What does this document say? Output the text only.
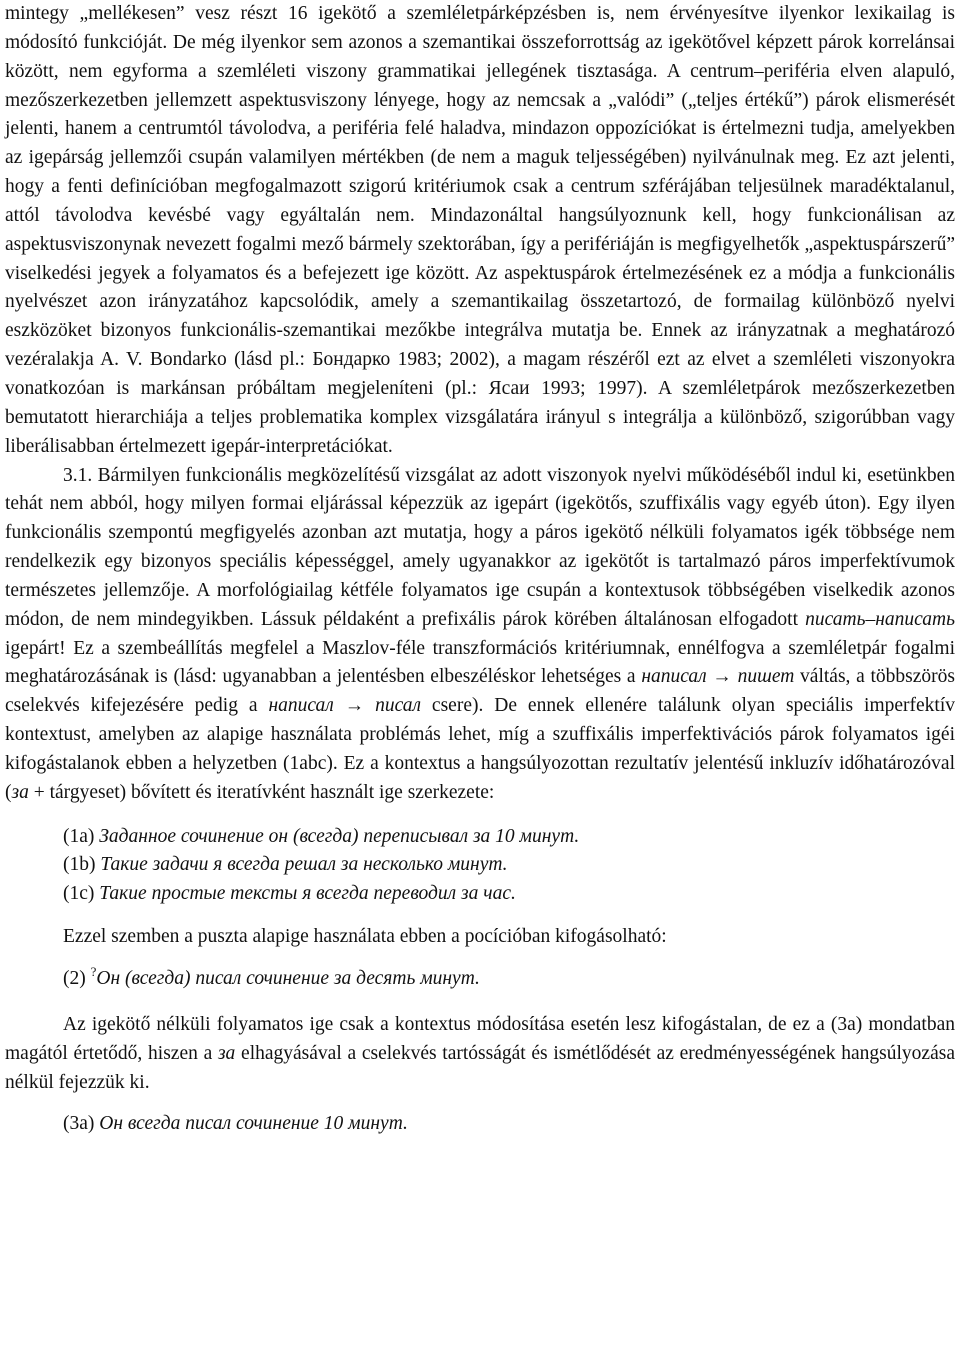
mintegy „mellékesen” vesz részt 16 igekötő a szemléletpárképzésben is, nem érvényesítve ilyenkor lexikailag is módosító funkcióját. De még ilyenkor sem azonos a szemantikai összeforrottság az igekötővel képzett párok korrelánsai között, nem egyforma a szemléleti viszony grammatikai jellegének tisztasága. A centrum–periféria elven alapuló, mezőszerkezetben jellemzett aspektusviszony lényege, hogy az nemcsak a „valódi” („teljes értékű”) párok elismerését jelenti, hanem a centrumtól távolodva, a periféria felé haladva, mindazon oppozíciókat is értelmezni tudja, amelyekben az igepárság jellemzői csupán valamilyen mértékben (de nem a maguk teljességében) nyilvánulnak meg. Ez azt jelenti, hogy a fenti definícióban megfogalmazott szigorú kritériumok csak a centrum szférájában teljesülnek maradéktalanul, attól távolodva kevésbé vagy egyáltalán nem. Mindazonáltal hangsúlyoznunk kell, hogy funkcionálisan az aspektusviszonynak nevezett fogalmi mező bármely szektorában, így a perifériáján is megfigyelhetők „aspektuspárszerű” viselkedési jegyek a folyamatos és a befejezett ige között. Az aspektuspárok értelmezésének ez a módja a funkcionális nyelvészet azon irányzatához kapcsolódik, amely a szemantikailag összetartozó, de formailag különböző nyelvi eszközöket bizonyos funkcionális-szemantikai mezőkbe integrálva mutatja be. Ennek az irányzatnak a meghatározó vezéralakja A. V. Bondarko (lásd pl.: Бондарко 1983; 2002), a magam részéről ezt az elvet a szemléleti viszonyokra vonatkozóan is markánsan próbáltam megjeleníteni (pl.: Ясаи 1993; 1997). A szemléletpárok mezőszerkezetben bemutatott hierarchiája a teljes problematika komplex vizsgálatára irányul s integrálja a különböző, szigorúbban vagy liberálisabban értelmezett igepár-interpretációkat.

3.1. Bármilyen funkcionális megközelítésű vizsgálat az adott viszonyok nyelvi működéséből indul ki, esetünkben tehát nem abból, hogy milyen formai eljárással képezzük az igepárt (igekötős, szuffixális vagy egyéb úton). Egy ilyen funkcionális szempontú megfigyelés azonban azt mutatja, hogy a páros igekötő nélküli folyamatos igék többsége nem rendelkezik egy bizonyos speciális képességgel, amely ugyanakkor az igekötőt is tartalmazó páros imperfektívumok természetes jellemzője. A morfológiailag kétféle folyamatos ige csupán a kontextusok többségében viselkedik azonos módon, de nem mindegyikben. Lássuk példaként a prefixális párok körében általánosan elfogadott писать–написать igepárt! Ez a szembeállítás megfelel a Maszlov-féle transzformációs kritériumnak, ennélfogva a szemléletpár fogalmi meghatározásának is (lásd: ugyanabban a jelentésben elbeszéléskor lehetséges a написал → пишет váltás, a többszörös cselekvés kifejezésére pedig a написал → писал csere). De ennek ellenére találunk olyan speciális imperfektív kontextust, amelyben az alapige használata problémás lehet, míg a szuffixális imperfektivációs párok folyamatos igéi kifogástalanok ebben a helyzetben (1abc). Ez a kontextus a hangsúlyozottan rezultatív jelentésű inkluzív időhatározóval (за + tárgyeset) bővített és iteratívként használt ige szerkezete:

(1a) Заданное сочинение он (всегда) переписывал за 10 минут.

(1b) Такие задачи я всегда решал за несколько минут.

(1c) Такие простые тексты я всегда переводил за час.

Ezzel szemben a puszta alapige használata ebben a pocícióban kifogásolható:

(2) ?Он (всегда) писал сочинение за десять минут.

Az igekötő nélküli folyamatos ige csak a kontextus módosítása esetén lesz kifogástalan, de ez a (3a) mondatban magától értetődő, hiszen a за elhagyásával a cselekvés tartósságát és ismétlődését az eredményességének hangsúlyozása nélkül fejezzük ki.

(3a) Он всегда писал сочинение 10 минут.
